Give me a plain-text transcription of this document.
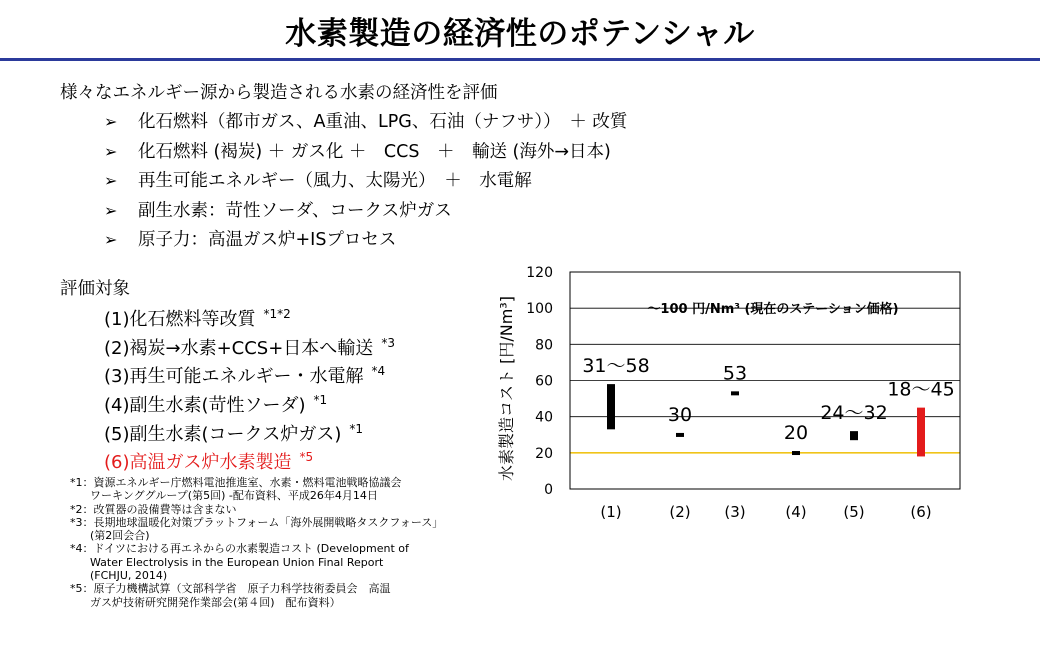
水素製造の経済性のポテンシャル
様々なエネルギー源から製造される水素の経済性を評価
➢ 化石燃料（都市ガス、A重油、LPG、石油（ナフサ））　＋ 改質
➢ 化石燃料 (褐炭) ＋ ガス化 ＋　CCS　＋　輸送 (海外→日本)
➢ 再生可能エネルギー（風力、太陽光）　＋　水電解
➢ 副生水素：苛性ソーダ、コークス炉ガス
➢ 原子力：高温ガス炉+ISプロセス
評価対象
(1)化石燃料等改質 $^{*1*2}$
(2)褐炭→水素+CCS+日本へ輸送 $^{*3}$
(3)再生可能エネルギー・水電解 $^{*4}$
(4)副生水素(苛性ソーダ) $^{*1}$
(5)副生水素(コークス炉ガス) $^{*1}$
(6)高温ガス炉水素製造 $^{*5}$
*1：資源エネルギー庁燃料電池推進室、水素・燃料電池戦略協議会
ワーキンググループ(第5回) -配布資料、平成26年4月14日
*2：改質器の設備費等は含まない
*3：長期地球温暖化対策プラットフォーム「海外展開戦略タスクフォース」
(第2回会合)
*4：ドイツにおける再エネからの水素製造コスト (Development of
Water Electrolysis in the European Union Final Report
(FCHJU, 2014)
*5：原子力機構試算（文部科学省　原子力科学技術委員会　高温
ガス炉技術研究開発作業部会(第４回)　配布資料）
0
20
40
60
80
100
120
～100 円/Nm³ (現在のステーション価格)
水素製造コスト [円/Nm³]	31～58
(1)
30
(2)
53
(3)
20
(4)
24～32
(5)
18～45
(6)
